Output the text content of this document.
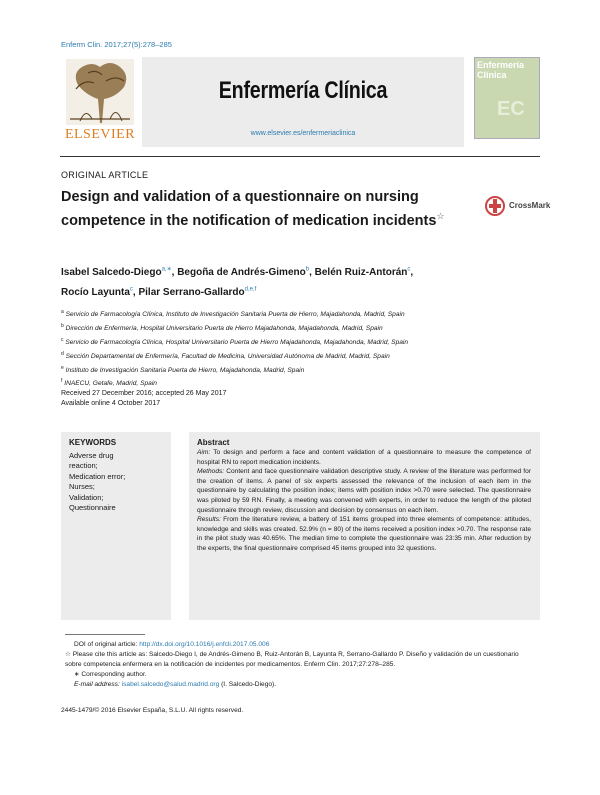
Enferm Clin. 2017;27(5):278–285
ELSEVIER
Enfermería Clínica
www.elsevier.es/enfermeriaclinica
Enfermería Clínica
EC
ORIGINAL ARTICLE
Design and validation of a questionnaire on nursing competence in the notification of medication incidents☆
CrossMark
Isabel Salcedo-Diego$^{a,∗}$, Begoña de Andrés-Gimeno$^b$, Belén Ruiz-Antorán$^c$,
Rocío Layunta$^c$, Pilar Serrano-Gallardo$^{d,e,f}$
$^a$ Servicio de Farmacología Clínica, Instituto de Investigación Sanitaria Puerta de Hierro, Majadahonda, Madrid, Spain
$^b$ Dirección de Enfermería, Hospital Universitario Puerta de Hierro Majadahonda, Majadahonda, Madrid, Spain
$^c$ Servicio de Farmacología Clínica, Hospital Universitario Puerta de Hierro Majadahonda, Majadahonda, Madrid, Spain
$^d$ Sección Departamental de Enfermería, Facultad de Medicina, Universidad Autónoma de Madrid, Madrid, Spain
$^e$ Instituto de Investigación Sanitaria Puerta de Hierro, Majadahonda, Madrid, Spain
$^f$ INAECU, Getafe, Madrid, Spain
Received 27 December 2016; accepted 26 May 2017
Available online 4 October 2017
KEYWORDS
Adverse drug
reaction;
Medication error;
Nurses;
Validation;
Questionnaire
Abstract

Aim: To design and perform a face and content validation of a questionnaire to measure the competence of hospital RN to report medication incidents.

Methods: Content and face questionnaire validation descriptive study. A review of the literature was performed for the creation of items. A panel of six experts assessed the relevance of the inclusion of each item in the questionnaire by calculating the position index; items with position index >0.70 were selected. The questionnaire was piloted by 59 RN. Finally, a meeting was convened with experts, in order to reduce the length of the piloted questionnaire through review, discussion and decision by consensus on each item.

Results: From the literature review, a battery of 151 items grouped into three elements of competence: attitudes, knowledge and skills was created. 52.9% (n = 80) of the items received a position index >0.70. The response rate in the pilot study was 40.65%. The median time to complete the questionnaire was 23:35 min. After reduction by the experts, the final questionnaire comprised 45 items grouped into 32 questions.

DOI of original article: http://dx.doi.org/10.1016/j.enfcli.2017.05.006
☆ Please cite this article as: Salcedo-Diego I, de Andrés-Gimeno B, Ruiz-Antorán B, Layunta R, Serrano-Gallardo P. Diseño y validación de un cuestionario sobre competencia enfermera en la notificación de incidentes por medicamentos. Enferm Clin. 2017;27:278–285.
∗ Corresponding author.
E-mail address: isabel.salcedo@salud.madrid.org (I. Salcedo-Diego).
2445-1479/© 2016 Elsevier España, S.L.U. All rights reserved.
